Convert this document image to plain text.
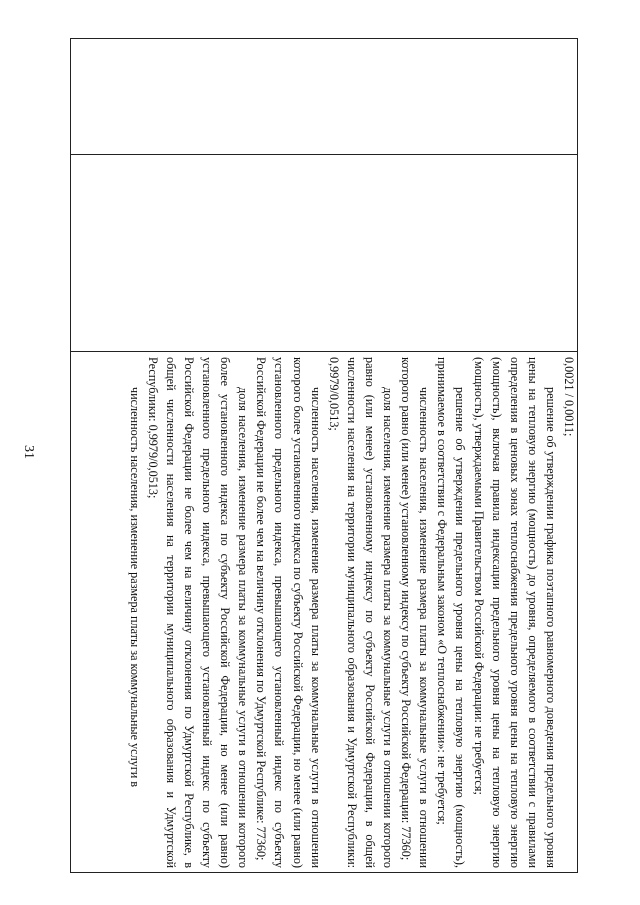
31

0,0021 / 0,0011;

решение об утверждении графика поэтапного равномерного доведения предельного уровня цены на тепловую энергию (мощность) до уровня, определяемого в соответствии с правилами определения в ценовых зонах теплоснабжения предельного уровня цены на тепловую энергию (мощность), включая правила индексации предельного уровня цены на тепловую энергию (мощность), утверждаемыми Правительством Российской Федерации: не требуется;

решение об утверждении предельного уровня цены на тепловую энергию (мощность), принимаемое в соответствии с Федеральным законом «О теплоснабжении»: не требуется;

численность населения, изменение размера платы за коммунальные услуги в отношении которого равно (или менее) установленному индексу по субъекту Российской Федерации: 77360;

доля населения, изменение размера платы за коммунальные услуги в отношении которого равно (или менее) установленному индексу по субъекту Российской Федерации, в общей численности населения на территории муниципального образования и Удмуртской Республики: 0,9979/0,0513;

численность населения, изменение размера платы за коммунальные услуги в отношении которого более установленного индекса по субъекту Российской Федерации, но менее (или равно) установленного предельного индекса, превышающего установленный индекс по субъекту Российской Федерации не более чем на величину отклонения по Удмуртской Республике: 77360;

доля населения, изменение размера платы за коммунальные услуги в отношении которого более установленного индекса по субъекту Российской Федерации, но менее (или равно) установленного предельного индекса, превышающего установленный индекс по субъекту Российской Федерации не более чем на величину отклонения по Удмуртской Республике, в общей численности населения на территории муниципального образования и Удмуртской Республики: 0,9979/0,0513;

численность населения, изменение размера платы за коммунальные услуги в
